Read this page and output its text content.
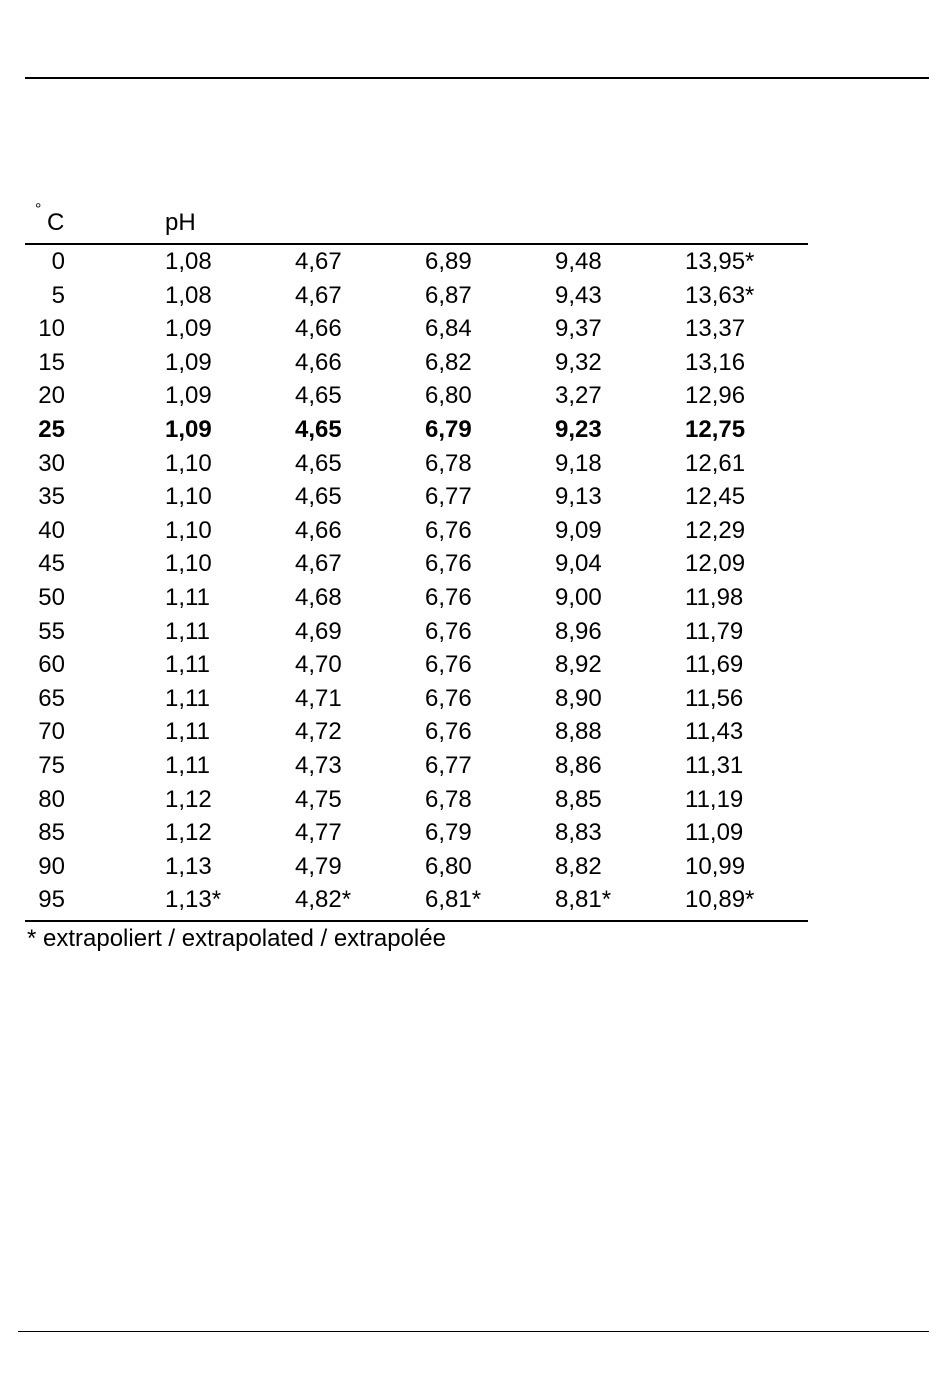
° C	pH
0	1,08	4,67	6,89	9,48	13,95*
5	1,08	4,67	6,87	9,43	13,63*
10	1,09	4,66	6,84	9,37	13,37
15	1,09	4,66	6,82	9,32	13,16
20	1,09	4,65	6,80	3,27	12,96
25	1,09	4,65	6,79	9,23	12,75
30	1,10	4,65	6,78	9,18	12,61
35	1,10	4,65	6,77	9,13	12,45
40	1,10	4,66	6,76	9,09	12,29
45	1,10	4,67	6,76	9,04	12,09
50	1,11	4,68	6,76	9,00	11,98
55	1,11	4,69	6,76	8,96	11,79
60	1,11	4,70	6,76	8,92	11,69
65	1,11	4,71	6,76	8,90	11,56
70	1,11	4,72	6,76	8,88	11,43
75	1,11	4,73	6,77	8,86	11,31
80	1,12	4,75	6,78	8,85	11,19
85	1,12	4,77	6,79	8,83	11,09
90	1,13	4,79	6,80	8,82	10,99
95	1,13*	4,82*	6,81*	8,81*	10,89*
* extrapoliert / extrapolated / extrapolée
